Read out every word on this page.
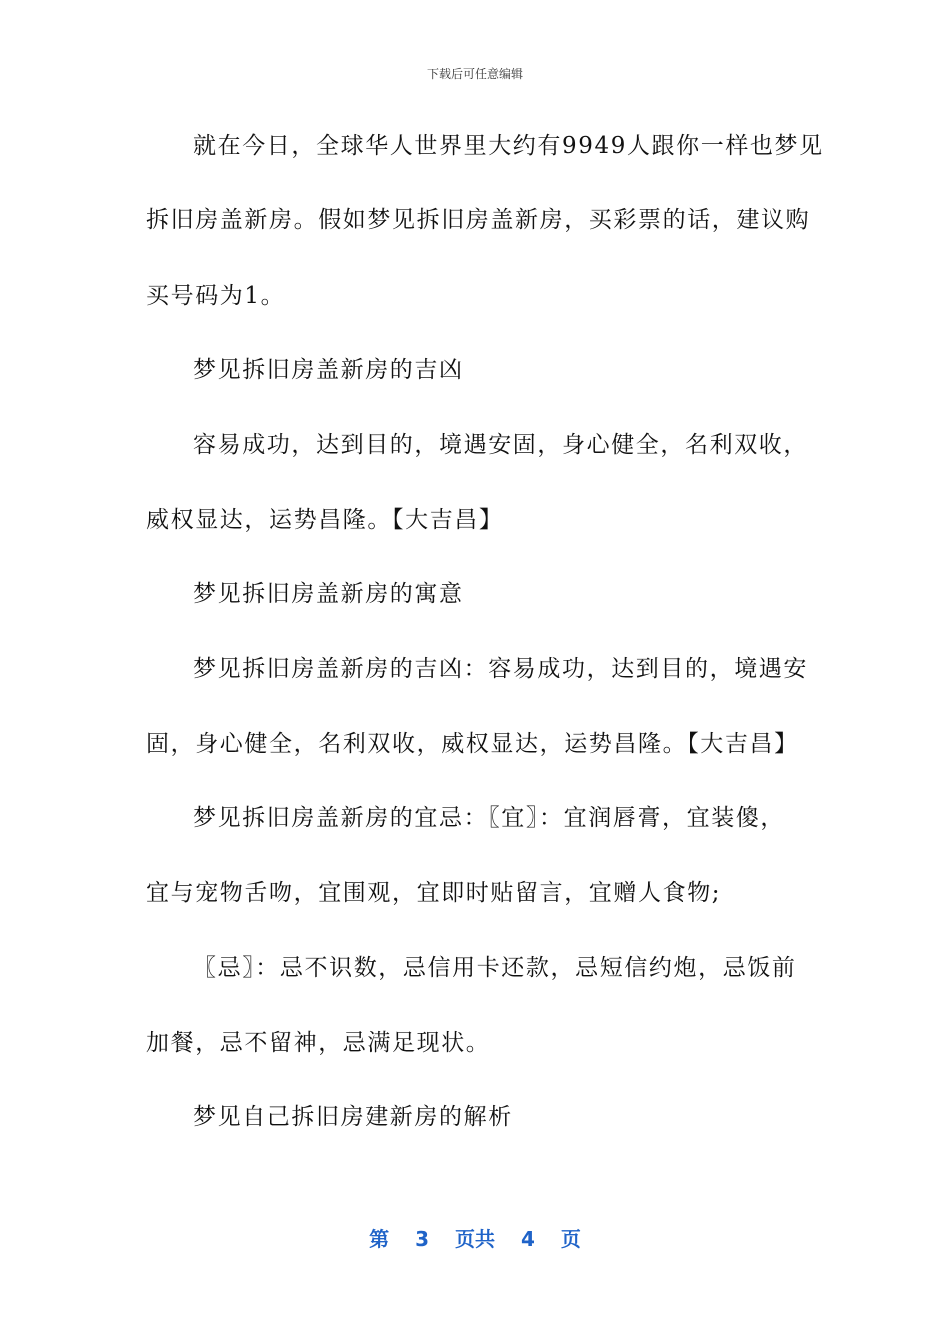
下载后可任意编辑
就在今日，全球华人世界里大约有9949人跟你一样也梦见
拆旧房盖新房。假如梦见拆旧房盖新房，买彩票的话，建议购
买号码为1。
梦见拆旧房盖新房的吉凶
容易成功，达到目的，境遇安固，身心健全，名利双收，
威权显达，运势昌隆。【大吉昌】
梦见拆旧房盖新房的寓意
梦见拆旧房盖新房的吉凶：容易成功，达到目的，境遇安
固，身心健全，名利双收，威权显达，运势昌隆。【大吉昌】
梦见拆旧房盖新房的宜忌：〖宜〗：宜润唇膏，宜装傻，
宜与宠物舌吻，宜围观，宜即时贴留言，宜赠人食物;
〖忌〗：忌不识数，忌信用卡还款，忌短信约炮，忌饭前
加餐，忌不留神，忌满足现状。
梦见自己拆旧房建新房的解析
第 3 页共 4 页
